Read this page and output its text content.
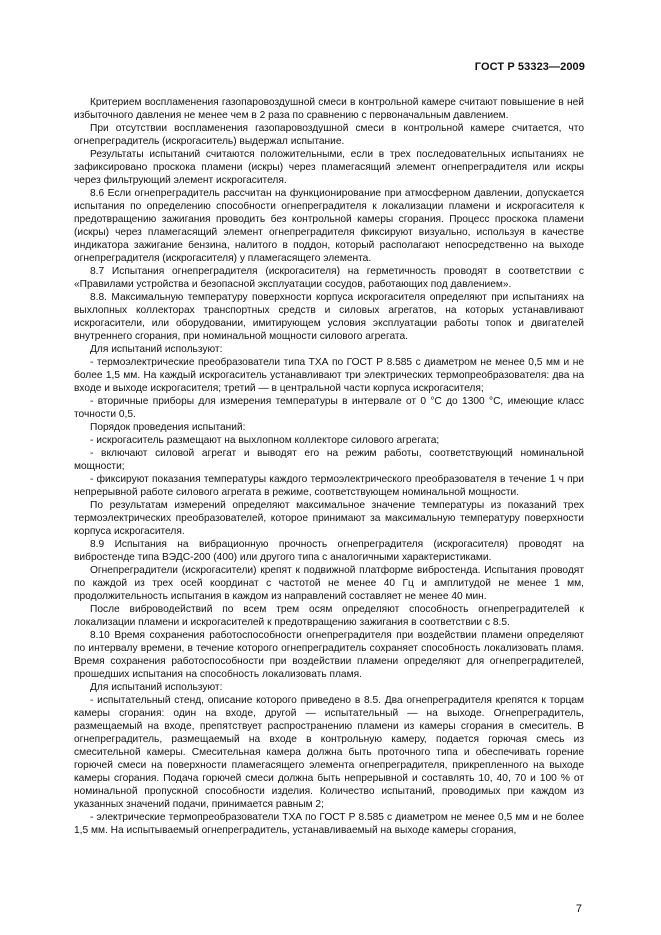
ГОСТ Р 53323—2009

Критерием воспламенения газопаровоздушной смеси в контрольной камере считают повышение в ней избыточного давления не менее чем в 2 раза по сравнению с первоначальным давлением.

При отсутствии воспламенения газопаровоздушной смеси в контрольной камере считается, что огнепреградитель (искрогаситель) выдержал испытание.

Результаты испытаний считаются положительными, если в трех последовательных испытаниях не зафиксировано проскока пламени (искры) через пламегасящий элемент огнепреградителя или искры через фильтрующий элемент искрогасителя.

8.6 Если огнепреградитель рассчитан на функционирование при атмосферном давлении, допускается испытания по определению способности огнепреградителя к локализации пламени и искрогасителя к предотвращению зажигания проводить без контрольной камеры сгорания. Процесс проскока пламени (искры) через пламегасящий элемент огнепреградителя фиксируют визуально, используя в качестве индикатора зажигание бензина, налитого в поддон, который располагают непосредственно на выходе огнепреградителя (искрогасителя) у пламегасящего элемента.

8.7 Испытания огнепреградителя (искрогасителя) на герметичность проводят в соответствии с «Правилами устройства и безопасной эксплуатации сосудов, работающих под давлением».

8.8. Максимальную температуру поверхности корпуса искрогасителя определяют при испытаниях на выхлопных коллекторах транспортных средств и силовых агрегатов, на которых устанавливают искрогасители, или оборудовании, имитирующем условия эксплуатации работы топок и двигателей внутреннего сгорания, при номинальной мощности силового агрегата.

Для испытаний используют:

- термоэлектрические преобразователи типа ТХА по ГОСТ Р 8.585 с диаметром не менее 0,5 мм и не более 1,5 мм. На каждый искрогаситель устанавливают три электрических термопреобразователя: два на входе и выходе искрогасителя; третий — в центральной части корпуса искрогасителя;

- вторичные приборы для измерения температуры в интервале от 0 °С до 1300 °С, имеющие класс точности 0,5.

Порядок проведения испытаний:

- искрогаситель размещают на выхлопном коллекторе силового агрегата;

- включают силовой агрегат и выводят его на режим работы, соответствующий номинальной мощности;

- фиксируют показания температуры каждого термоэлектрического преобразователя в течение 1 ч при непрерывной работе силового агрегата в режиме, соответствующем номинальной мощности.

По результатам измерений определяют максимальное значение температуры из показаний трех термоэлектрических преобразователей, которое принимают за максимальную температуру поверхности корпуса искрогасителя.

8.9 Испытания на вибрационную прочность огнепреградителя (искрогасителя) проводят на вибростенде типа ВЭДС-200 (400) или другого типа с аналогичными характеристиками.

Огнепреградители (искрогасители) крепят к подвижной платформе вибростенда. Испытания проводят по каждой из трех осей координат с частотой не менее 40 Гц и амплитудой не менее 1 мм, продолжительность испытания в каждом из направлений составляет не менее 40 мин.

После виброводействий по всем трем осям определяют способность огнепреградителей к локализации пламени и искрогасителей к предотвращению зажигания в соответствии с 8.5.

8.10 Время сохранения работоспособности огнепреградителя при воздействии пламени определяют по интервалу времени, в течение которого огнепреградитель сохраняет способность локализовать пламя. Время сохранения работоспособности при воздействии пламени определяют для огнепреградителей, прошедших испытания на способность локализовать пламя.

Для испытаний используют:

- испытательный стенд, описание которого приведено в 8.5. Два огнепреградителя крепятся к торцам камеры сгорания: один на входе, другой — испытательный — на выходе. Огнепреградитель, размещаемый на входе, препятствует распространению пламени из камеры сгорания в смеситель. В огнепреградитель, размещаемый на входе в контрольную камеру, подается горючая смесь из смесительной камеры. Смесительная камера должна быть проточного типа и обеспечивать горение горючей смеси на поверхности пламегасящего элемента огнепреградителя, прикрепленного на выходе камеры сгорания. Подача горючей смеси должна быть непрерывной и составлять 10, 40, 70 и 100 % от номинальной пропускной способности изделия. Количество испытаний, проводимых при каждом из указанных значений подачи, принимается равным 2;

- электрические термопреобразователи ТХА по ГОСТ Р 8.585 с диаметром не менее 0,5 мм и не более 1,5 мм. На испытываемый огнепреградитель, устанавливаемый на выходе камеры сгорания,

7
